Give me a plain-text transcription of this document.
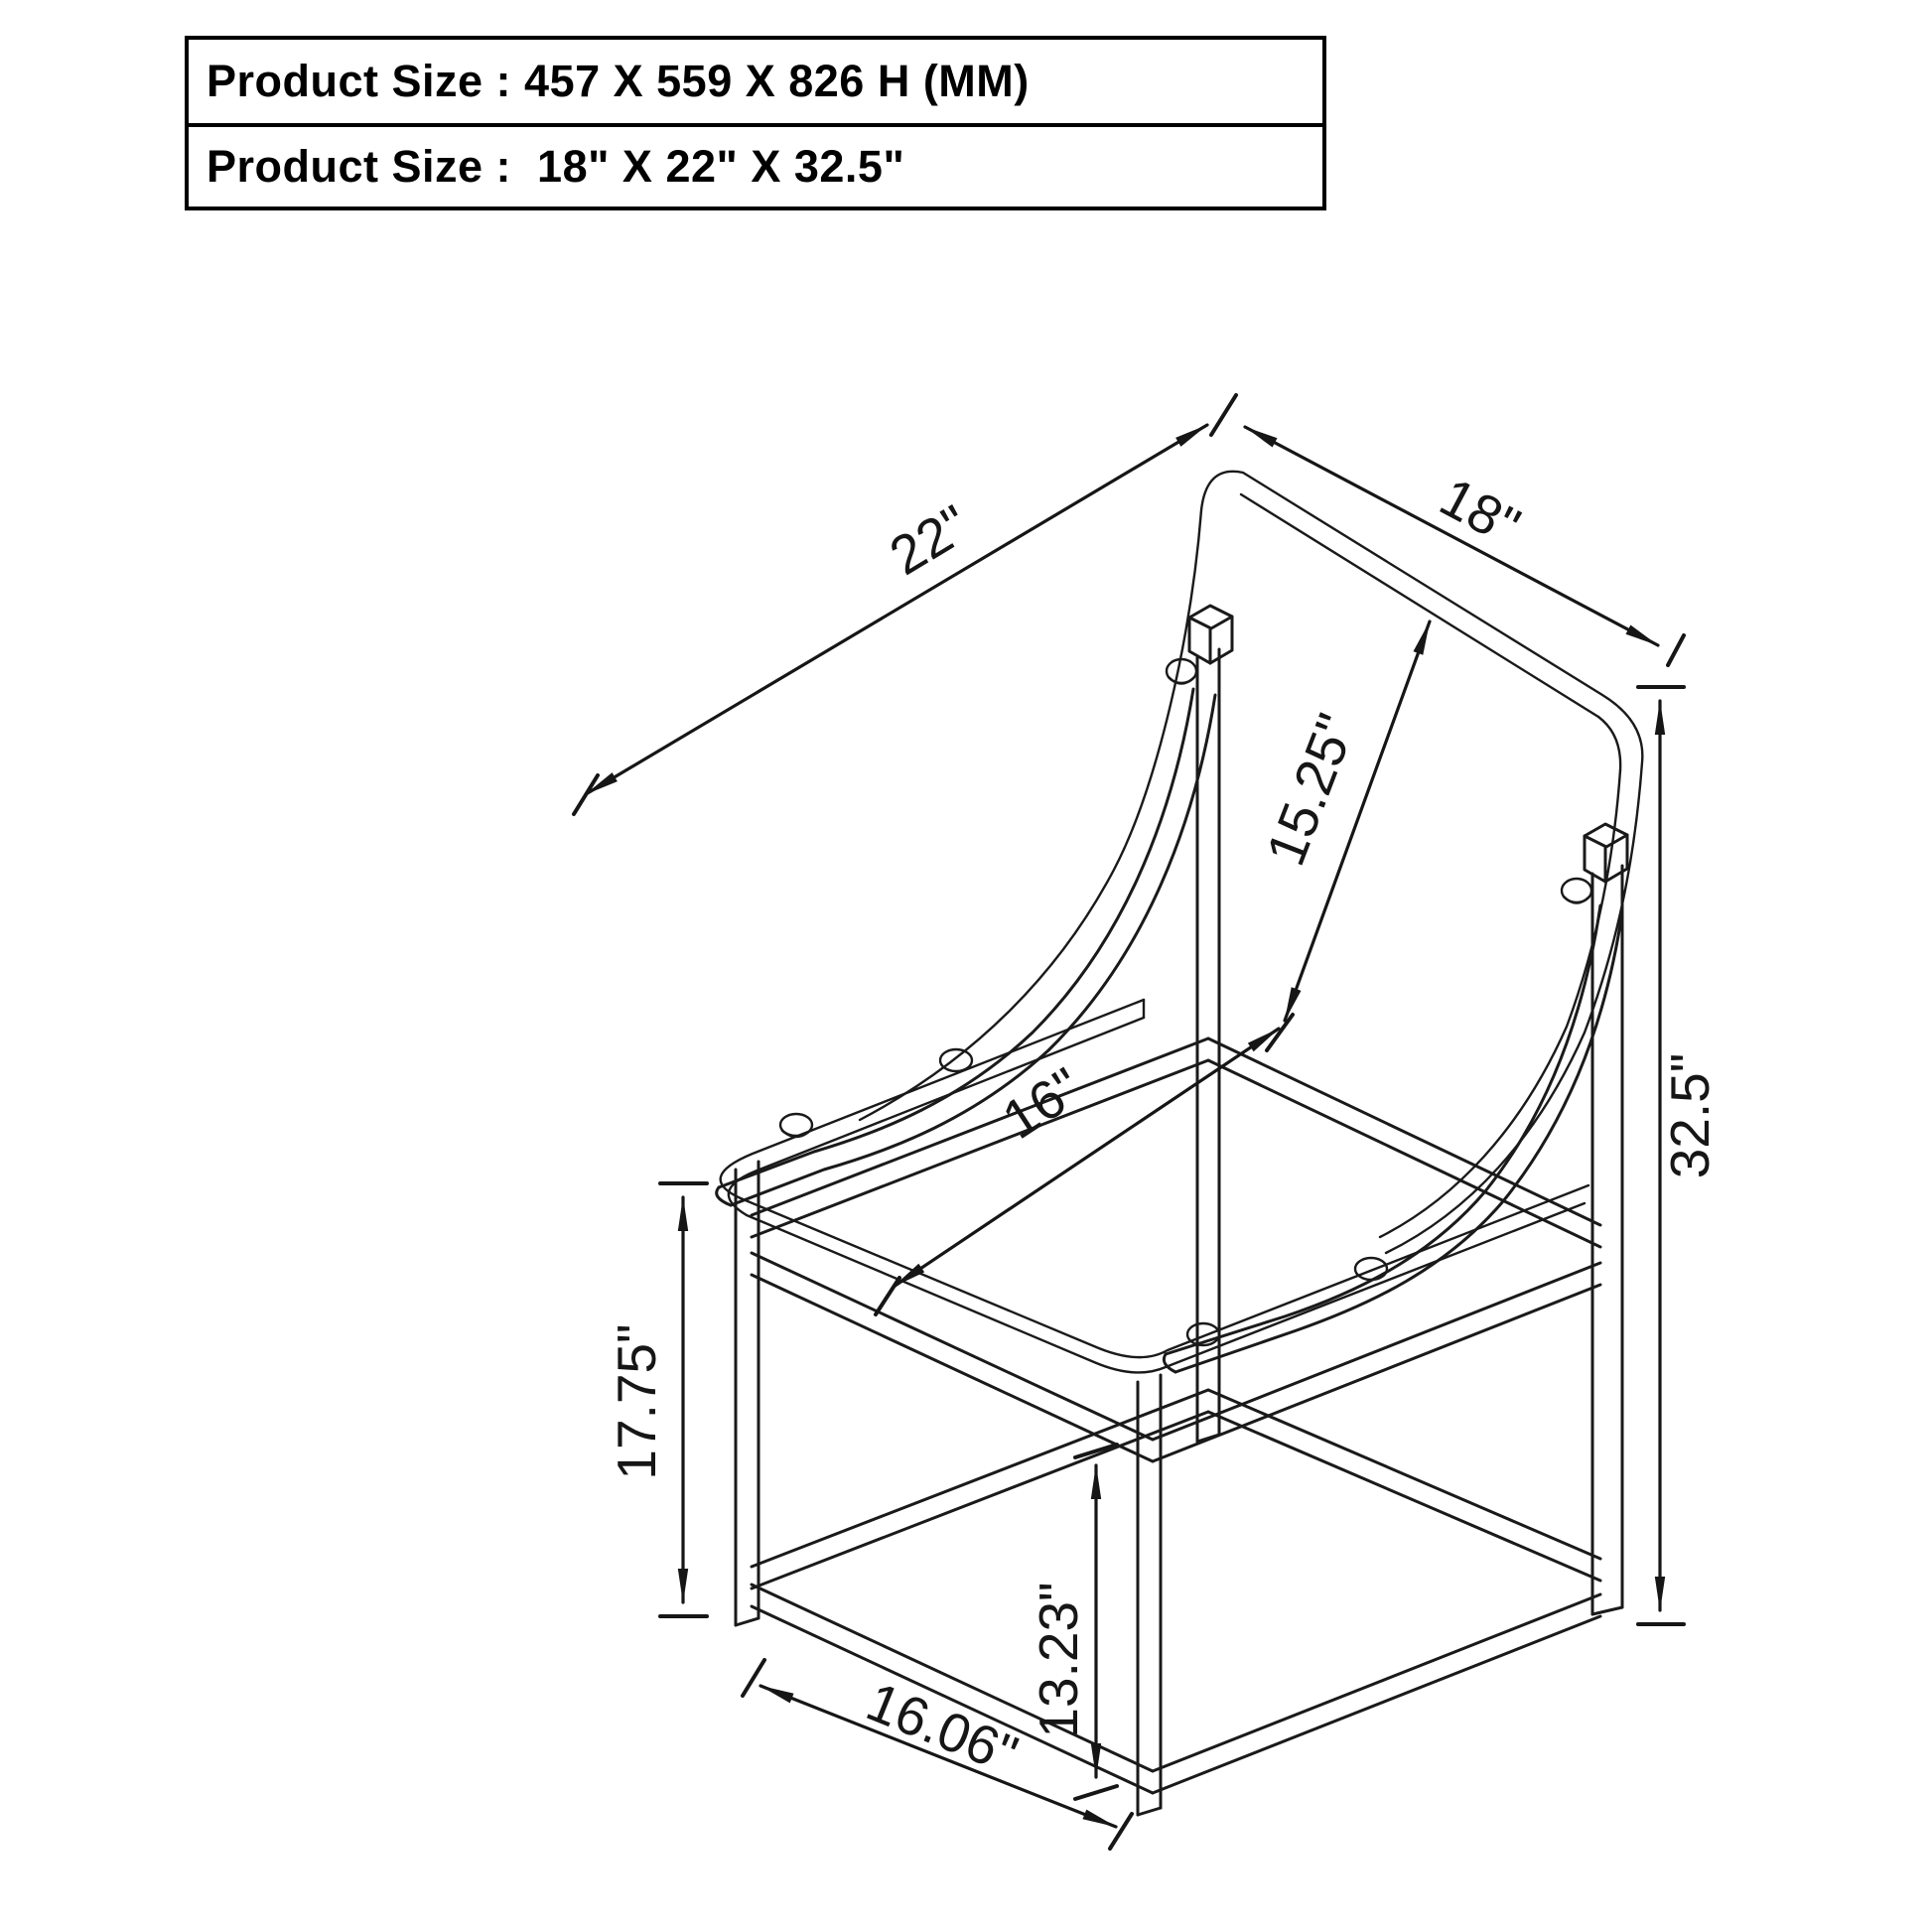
Product Size : 457 X 559 X 826 H (MM)
Product Size :  18" X 22" X 32.5"
22"	18"
15.25"
16"	32.5"
17.75"
13.23"
16.06"
